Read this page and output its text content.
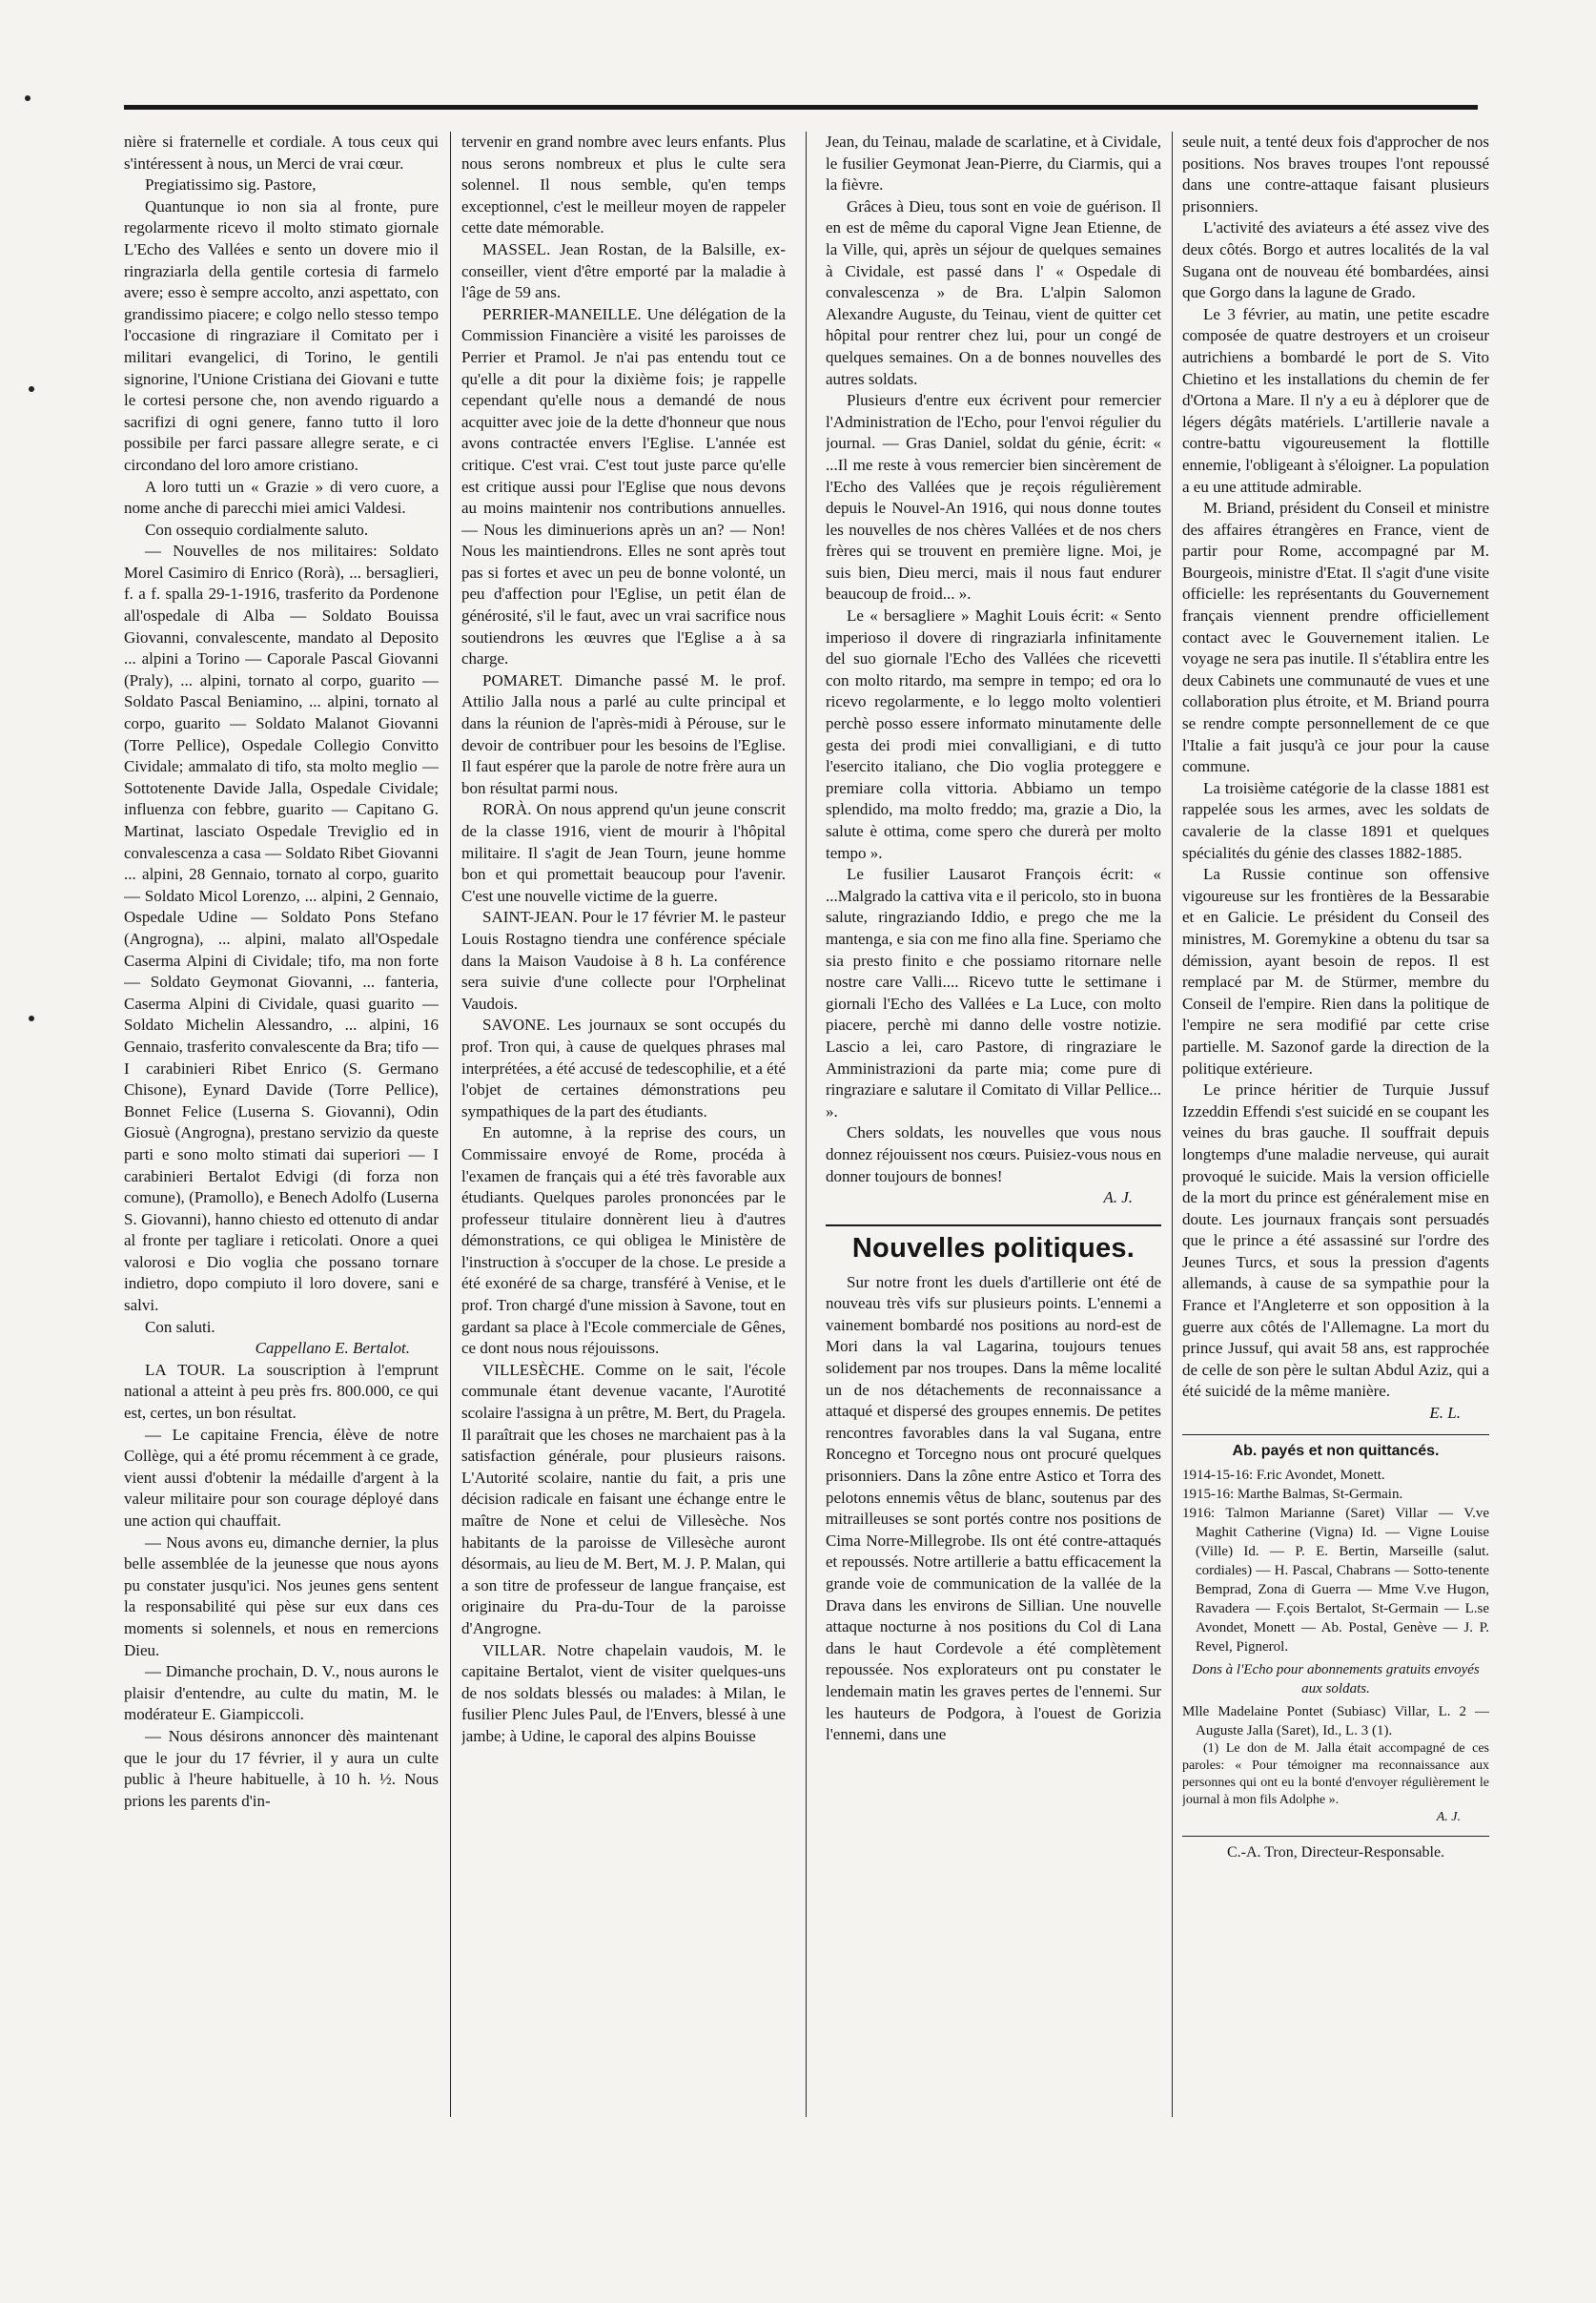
nière si fraternelle et cordiale. A tous ceux qui s'intéressent à nous, un Merci de vrai cœur.

Pregiatissimo sig. Pastore,

Quantunque io non sia al fronte, pure regolarmente ricevo il molto stimato giornale L'Echo des Vallées e sento un dovere mio il ringraziarla della gentile cortesia di farmelo avere; esso è sempre accolto, anzi aspettato, con grandissimo piacere; e colgo nello stesso tempo l'occasione di ringraziare il Comitato per i militari evangelici, di Torino, le gentili signorine, l'Unione Cristiana dei Giovani e tutte le cortesi persone che, non avendo riguardo a sacrifizi di ogni genere, fanno tutto il loro possibile per farci passare allegre serate, e ci circondano del loro amore cristiano.

A loro tutti un « Grazie » di vero cuore, a nome anche di parecchi miei amici Valdesi.

Con ossequio cordialmente saluto.

— Nouvelles de nos militaires: Soldato Morel Casimiro di Enrico (Rorà), ... bersaglieri, f. a f. spalla 29-1-1916, trasferito da Pordenone all'ospedale di Alba — Soldato Bouissa Giovanni, convalescente, mandato al Deposito ... alpini a Torino — Caporale Pascal Giovanni (Praly), ... alpini, tornato al corpo, guarito — Soldato Pascal Beniamino, ... alpini, tornato al corpo, guarito — Soldato Malanot Giovanni (Torre Pellice), Ospedale Collegio Convitto Cividale; ammalato di tifo, sta molto meglio — Sottotenente Davide Jalla, Ospedale Cividale; influenza con febbre, guarito — Capitano G. Martinat, lasciato Ospedale Treviglio ed in convalescenza a casa — Soldato Ribet Giovanni ... alpini, 28 Gennaio, tornato al corpo, guarito — Soldato Micol Lorenzo, ... alpini, 2 Gennaio, Ospedale Udine — Soldato Pons Stefano (Angrogna), ... alpini, malato all'Ospedale Caserma Alpini di Cividale; tifo, ma non forte — Soldato Geymonat Giovanni, ... fanteria, Caserma Alpini di Cividale, quasi guarito — Soldato Michelin Alessandro, ... alpini, 16 Gennaio, trasferito convalescente da Bra; tifo — I carabinieri Ribet Enrico (S. Germano Chisone), Eynard Davide (Torre Pellice), Bonnet Felice (Luserna S. Giovanni), Odin Giosuè (Angrogna), prestano servizio da queste parti e sono molto stimati dai superiori — I carabinieri Bertalot Edvigi (di forza non comune), (Pramollo), e Benech Adolfo (Luserna S. Giovanni), hanno chiesto ed ottenuto di andar al fronte per tagliare i reticolati. Onore a quei valorosi e Dio voglia che possano tornare indietro, dopo compiuto il loro dovere, sani e salvi.

Con saluti.

Cappellano E. Bertalot.

LA TOUR. La souscription à l'emprunt national a atteint à peu près frs. 800.000, ce qui est, certes, un bon résultat.

— Le capitaine Frencia, élève de notre Collège, qui a été promu récemment à ce grade, vient aussi d'obtenir la médaille d'argent à la valeur militaire pour son courage déployé dans une action qui chauffait.

— Nous avons eu, dimanche dernier, la plus belle assemblée de la jeunesse que nous ayons pu constater jusqu'ici. Nos jeunes gens sentent la responsabilité qui pèse sur eux dans ces moments si solennels, et nous en remercions Dieu.

— Dimanche prochain, D. V., nous aurons le plaisir d'entendre, au culte du matin, M. le modérateur E. Giampiccoli.

— Nous désirons annoncer dès maintenant que le jour du 17 février, il y aura un culte public à l'heure habituelle, à 10 h. ½. Nous prions les parents d'in-

tervenir en grand nombre avec leurs enfants. Plus nous serons nombreux et plus le culte sera solennel. Il nous semble, qu'en temps exceptionnel, c'est le meilleur moyen de rappeler cette date mémorable.

MASSEL. Jean Rostan, de la Balsille, ex-conseiller, vient d'être emporté par la maladie à l'âge de 59 ans.

PERRIER-MANEILLE. Une délégation de la Commission Financière a visité les paroisses de Perrier et Pramol. Je n'ai pas entendu tout ce qu'elle a dit pour la dixième fois; je rappelle cependant qu'elle nous a demandé de nous acquitter avec joie de la dette d'honneur que nous avons contractée envers l'Eglise. L'année est critique. C'est vrai. C'est tout juste parce qu'elle est critique aussi pour l'Eglise que nous devons au moins maintenir nos contributions annuelles. — Nous les diminuerions après un an? — Non! Nous les maintiendrons. Elles ne sont après tout pas si fortes et avec un peu de bonne volonté, un peu d'affection pour l'Eglise, un petit élan de générosité, s'il le faut, avec un vrai sacrifice nous soutiendrons les œuvres que l'Eglise a à sa charge.

POMARET. Dimanche passé M. le prof. Attilio Jalla nous a parlé au culte principal et dans la réunion de l'après-midi à Pérouse, sur le devoir de contribuer pour les besoins de l'Eglise. Il faut espérer que la parole de notre frère aura un bon résultat parmi nous.

RORÀ. On nous apprend qu'un jeune conscrit de la classe 1916, vient de mourir à l'hôpital militaire. Il s'agit de Jean Tourn, jeune homme bon et qui promettait beaucoup pour l'avenir. C'est une nouvelle victime de la guerre.

SAINT-JEAN. Pour le 17 février M. le pasteur Louis Rostagno tiendra une conférence spéciale dans la Maison Vaudoise à 8 h. La conférence sera suivie d'une collecte pour l'Orphelinat Vaudois.

SAVONE. Les journaux se sont occupés du prof. Tron qui, à cause de quelques phrases mal interprétées, a été accusé de tedescophilie, et a été l'objet de certaines démonstrations peu sympathiques de la part des étudiants.

En automne, à la reprise des cours, un Commissaire envoyé de Rome, procéda à l'examen de français qui a été très favorable aux étudiants. Quelques paroles prononcées par le professeur titulaire donnèrent lieu à d'autres démonstrations, ce qui obligea le Ministère de l'instruction à s'occuper de la chose. Le preside a été exonéré de sa charge, transféré à Venise, et le prof. Tron chargé d'une mission à Savone, tout en gardant sa place à l'Ecole commerciale de Gênes, ce dont nous nous réjouissons.

VILLESÈCHE. Comme on le sait, l'école communale étant devenue vacante, l'Aurotité scolaire l'assigna à un prêtre, M. Bert, du Pragela. Il paraîtrait que les choses ne marchaient pas à la satisfaction générale, pour plusieurs raisons. L'Autorité scolaire, nantie du fait, a pris une décision radicale en faisant une échange entre le maître de None et celui de Villesèche. Nos habitants de la paroisse de Villesèche auront désormais, au lieu de M. Bert, M. J. P. Malan, qui a son titre de professeur de langue française, est originaire du Pra-du-Tour de la paroisse d'Angrogne.

VILLAR. Notre chapelain vaudois, M. le capitaine Bertalot, vient de visiter quelques-uns de nos soldats blessés ou malades: à Milan, le fusilier Plenc Jules Paul, de l'Envers, blessé à une jambe; à Udine, le caporal des alpins Bouisse

Jean, du Teinau, malade de scarlatine, et à Cividale, le fusilier Geymonat Jean-Pierre, du Ciarmis, qui a la fièvre.

Grâces à Dieu, tous sont en voie de guérison. Il en est de même du caporal Vigne Jean Etienne, de la Ville, qui, après un séjour de quelques semaines à Cividale, est passé dans l' « Ospedale di convalescenza » de Bra. L'alpin Salomon Alexandre Auguste, du Teinau, vient de quitter cet hôpital pour rentrer chez lui, pour un congé de quelques semaines. On a de bonnes nouvelles des autres soldats.

Plusieurs d'entre eux écrivent pour remercier l'Administration de l'Echo, pour l'envoi régulier du journal. — Gras Daniel, soldat du génie, écrit: « ...Il me reste à vous remercier bien sincèrement de l'Echo des Vallées que je reçois régulièrement depuis le Nouvel-An 1916, qui nous donne toutes les nouvelles de nos chères Vallées et de nos chers frères qui se trouvent en première ligne. Moi, je suis bien, Dieu merci, mais il nous faut endurer beaucoup de froid... ».

Le « bersagliere » Maghit Louis écrit: « Sento imperioso il dovere di ringraziarla infinitamente del suo giornale l'Echo des Vallées che ricevetti con molto ritardo, ma sempre in tempo; ed ora lo ricevo regolarmente, e lo leggo molto volentieri perchè posso essere informato minutamente delle gesta dei prodi miei convalligiani, e di tutto l'esercito italiano, che Dio voglia proteggere e premiare colla vittoria. Abbiamo un tempo splendido, ma molto freddo; ma, grazie a Dio, la salute è ottima, come spero che durerà per molto tempo ».

Le fusilier Lausarot François écrit: « ...Malgrado la cattiva vita e il pericolo, sto in buona salute, ringraziando Iddio, e prego che me la mantenga, e sia con me fino alla fine. Speriamo che sia presto finito e che possiamo ritornare nelle nostre care Valli.... Ricevo tutte le settimane i giornali l'Echo des Vallées e La Luce, con molto piacere, perchè mi danno delle vostre notizie. Lascio a lei, caro Pastore, di ringraziare le Amministrazioni da parte mia; come pure di ringraziare e salutare il Comitato di Villar Pellice... ».

Chers soldats, les nouvelles que vous nous donnez réjouissent nos cœurs. Puisiez-vous nous en donner toujours de bonnes!

A. J.

Nouvelles politiques.

Sur notre front les duels d'artillerie ont été de nouveau très vifs sur plusieurs points. L'ennemi a vainement bombardé nos positions au nord-est de Mori dans la val Lagarina, toujours tenues solidement par nos troupes. Dans la même localité un de nos détachements de reconnaissance a attaqué et dispersé des groupes ennemis. De petites rencontres favorables dans la val Sugana, entre Roncegno et Torcegno nous ont procuré quelques prisonniers. Dans la zône entre Astico et Torra des pelotons ennemis vêtus de blanc, soutenus par des mitrailleuses se sont portés contre nos positions de Cima Norre-Millegrobe. Ils ont été contre-attaqués et repoussés. Notre artillerie a battu efficacement la grande voie de communication de la vallée de la Drava dans les environs de Sillian. Une nouvelle attaque nocturne à nos positions du Col di Lana dans le haut Cordevole a été complètement repoussée. Nos explorateurs ont pu constater le lendemain matin les graves pertes de l'ennemi. Sur les hauteurs de Podgora, à l'ouest de Gorizia l'ennemi, dans une

seule nuit, a tenté deux fois d'approcher de nos positions. Nos braves troupes l'ont repoussé dans une contre-attaque faisant plusieurs prisonniers.

L'activité des aviateurs a été assez vive des deux côtés. Borgo et autres localités de la val Sugana ont de nouveau été bombardées, ainsi que Gorgo dans la lagune de Grado.

Le 3 février, au matin, une petite escadre composée de quatre destroyers et un croiseur autrichiens a bombardé le port de S. Vito Chietino et les installations du chemin de fer d'Ortona a Mare. Il n'y a eu à déplorer que de légers dégâts matériels. L'artillerie navale a contre-battu vigoureusement la flottille ennemie, l'obligeant à s'éloigner. La population a eu une attitude admirable.

M. Briand, président du Conseil et ministre des affaires étrangères en France, vient de partir pour Rome, accompagné par M. Bourgeois, ministre d'Etat. Il s'agit d'une visite officielle: les représentants du Gouvernement français viennent prendre officiellement contact avec le Gouvernement italien. Le voyage ne sera pas inutile. Il s'établira entre les deux Cabinets une communauté de vues et une collaboration plus étroite, et M. Briand pourra se rendre compte personnellement de ce que l'Italie a fait jusqu'à ce jour pour la cause commune.

La troisième catégorie de la classe 1881 est rappelée sous les armes, avec les soldats de cavalerie de la classe 1891 et quelques spécialités du génie des classes 1882-1885.

La Russie continue son offensive vigoureuse sur les frontières de la Bessarabie et en Galicie. Le président du Conseil des ministres, M. Goremykine a obtenu du tsar sa démission, ayant besoin de repos. Il est remplacé par M. de Stürmer, membre du Conseil de l'empire. Rien dans la politique de l'empire ne sera modifié par cette crise partielle. M. Sazonof garde la direction de la politique extérieure.

Le prince héritier de Turquie Jussuf Izzeddin Effendi s'est suicidé en se coupant les veines du bras gauche. Il souffrait depuis longtemps d'une maladie nerveuse, qui aurait provoqué le suicide. Mais la version officielle de la mort du prince est généralement mise en doute. Les journaux français sont persuadés que le prince a été assassiné sur l'ordre des Jeunes Turcs, et sous la pression d'agents allemands, à cause de sa sympathie pour la France et l'Angleterre et son opposition à la guerre aux côtés de l'Allemagne. La mort du prince Jussuf, qui avait 58 ans, est rapprochée de celle de son père le sultan Abdul Aziz, qui a été suicidé de la même manière.

E. L.

Ab. payés et non quittancés.

1914-15-16: F.ric Avondet, Monett.

1915-16: Marthe Balmas, St-Germain.

1916: Talmon Marianne (Saret) Villar — V.ve Maghit Catherine (Vigna) Id. — Vigne Louise (Ville) Id. — P. E. Bertin, Marseille (salut. cordiales) — H. Pascal, Chabrans — Sotto-tenente Bemprad, Zona di Guerra — Mme V.ve Hugon, Ravadera — F.çois Bertalot, St-Germain — L.se Avondet, Monett — Ab. Postal, Genève — J. P. Revel, Pignerol.

Dons à l'Echo pour abonnements gratuits envoyés aux soldats.

Mlle Madelaine Pontet (Subiasc) Villar, L. 2 — Auguste Jalla (Saret), Id., L. 3 (1).

(1) Le don de M. Jalla était accompagné de ces paroles: « Pour témoigner ma reconnaissance aux personnes qui ont eu la bonté d'envoyer régulièrement le journal à mon fils Adolphe ».

A. J.

C.-A. Tron, Directeur-Responsable.
